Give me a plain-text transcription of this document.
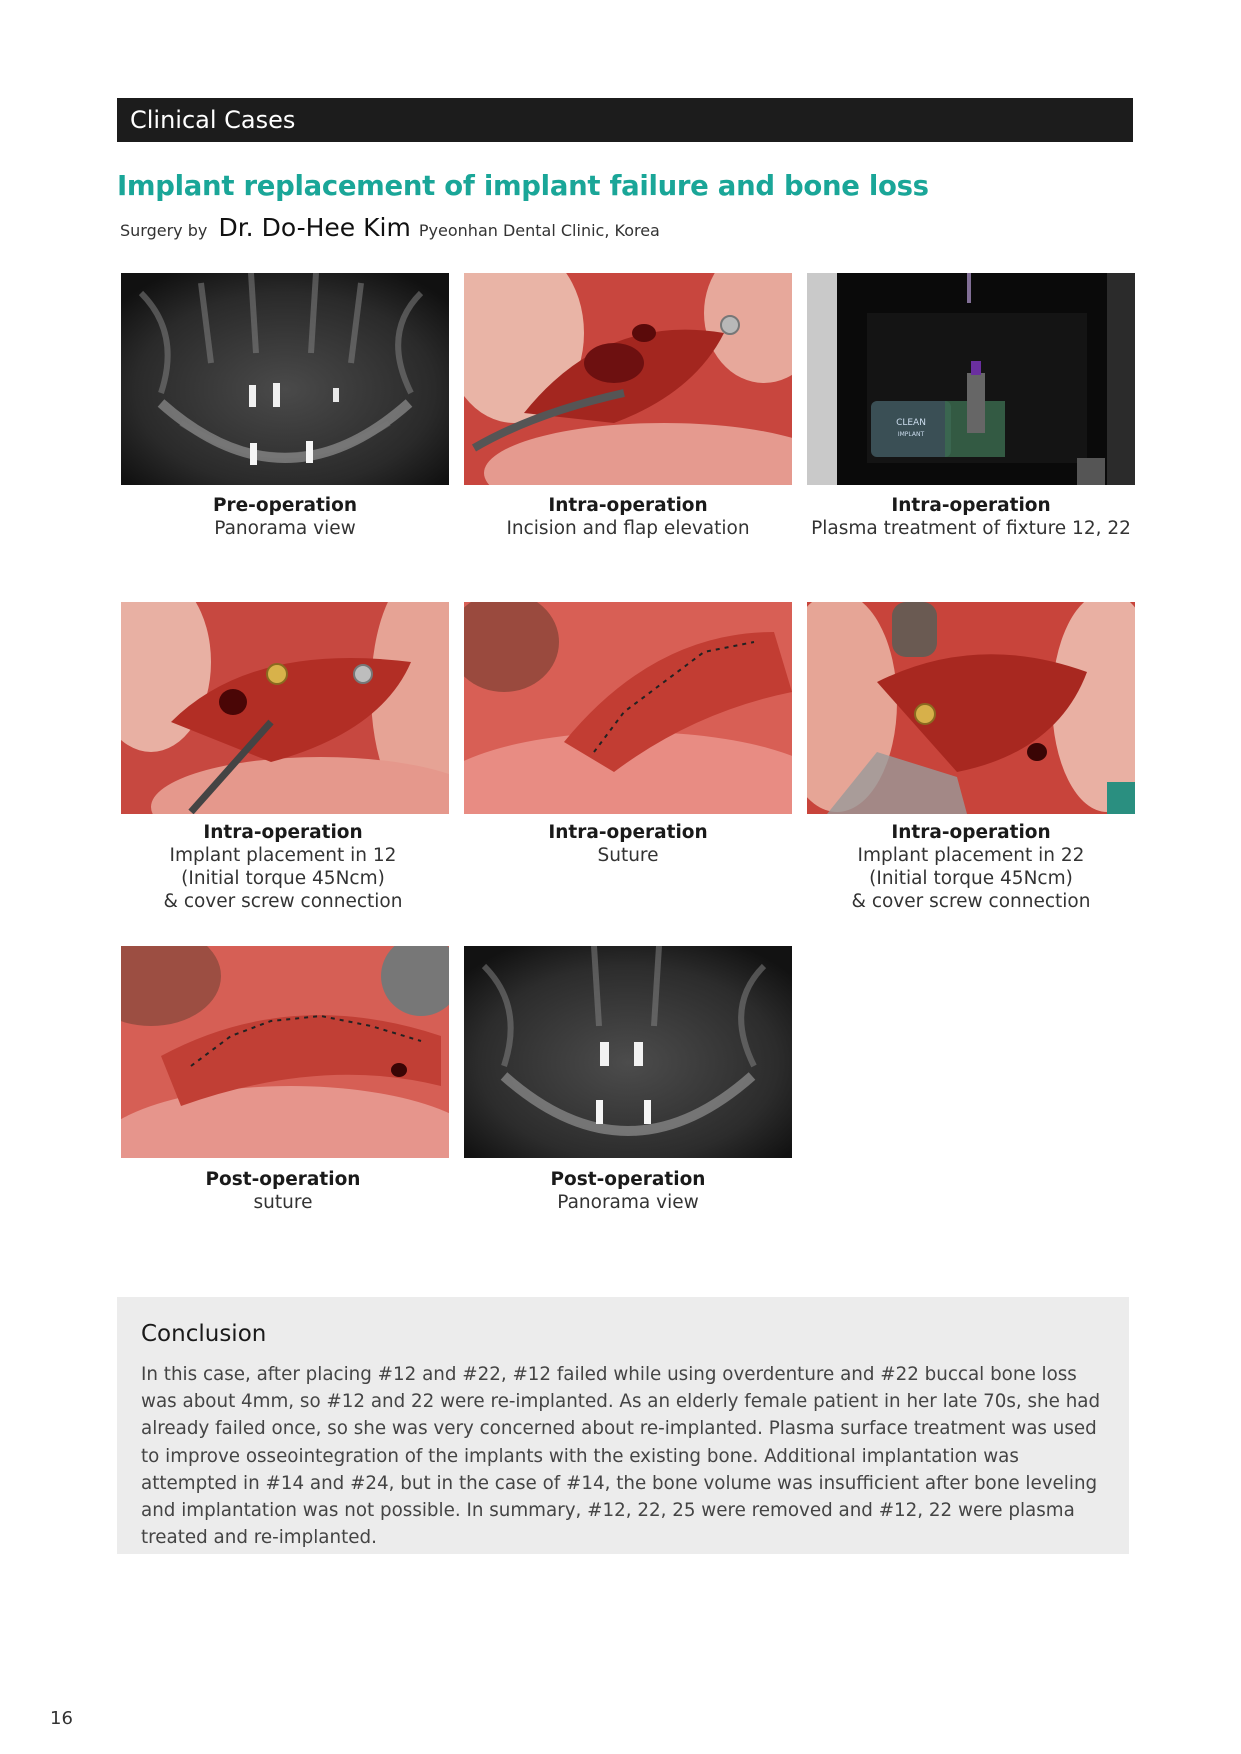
Clinical Cases
Implant replacement of implant failure and bone loss
Surgery by Dr. Do-Hee Kim Pyeonhan Dental Clinic, Korea
CLEAN
IMPLANT
Pre-operation
Panorama view
Intra-operation
Incision and flap elevation
Intra-operation
Plasma treatment of fixture 12, 22
Intra-operation
Implant placement in 12
(Initial torque 45Ncm)
& cover screw connection
Intra-operation
Suture
Intra-operation
Implant placement in 22
(Initial torque 45Ncm)
& cover screw connection
Post-operation
suture
Post-operation
Panorama view
Conclusion

In this case, after placing #12 and #22, #12 failed while using overdenture and #22 buccal bone loss was about 4mm, so #12 and 22 were re-implanted. As an elderly female patient in her late 70s, she had already failed once, so she was very concerned about re-implanted. Plasma surface treatment was used to improve osseointegration of the implants with the existing bone. Additional implantation was attempted in #14 and #24, but in the case of #14, the bone volume was insufficient after bone leveling and implantation was not possible. In summary, #12, 22, 25 were removed and #12, 22 were plasma treated and re-implanted.

16
